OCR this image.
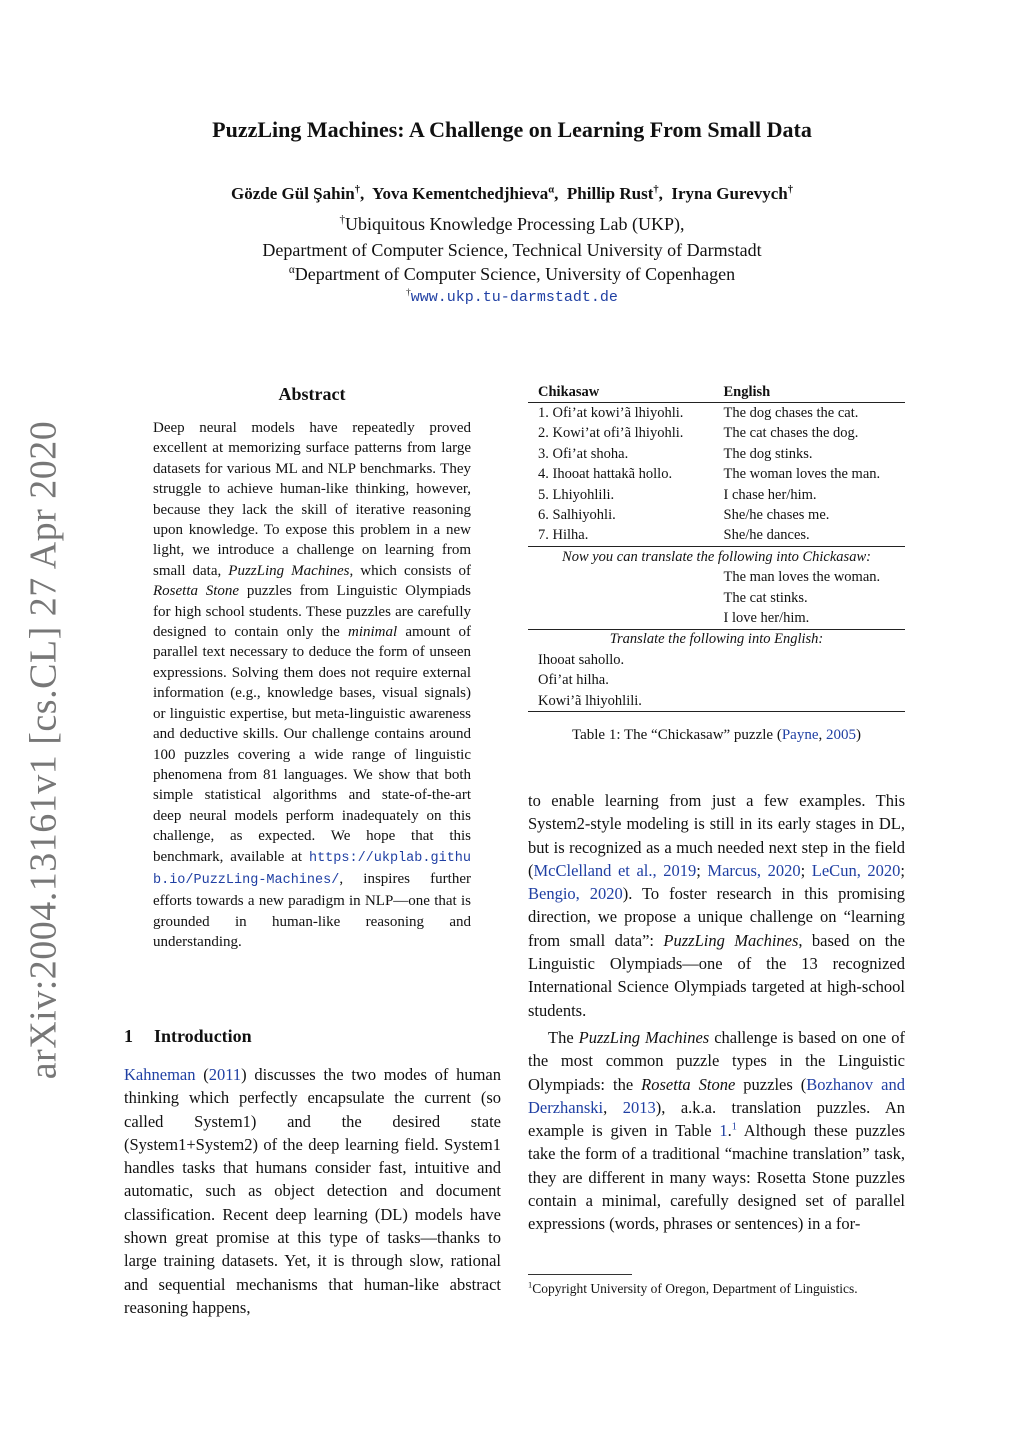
arXiv:2004.13161v1 [cs.CL] 27 Apr 2020
PuzzLing Machines: A Challenge on Learning From Small Data
Gözde Gül Şahin†,  Yova Kementchedjhieva$^\alpha$,  Phillip Rust†,  Iryna Gurevych†
†Ubiquitous Knowledge Processing Lab (UKP),
Department of Computer Science, Technical University of Darmstadt
$^\alpha$Department of Computer Science, University of Copenhagen
†www.ukp.tu-darmstadt.de
Abstract
Deep neural models have repeatedly proved excellent at memorizing surface patterns from large datasets for various ML and NLP benchmarks. They struggle to achieve human-like thinking, however, because they lack the skill of iterative reasoning upon knowledge. To expose this problem in a new light, we introduce a challenge on learning from small data, PuzzLing Machines, which consists of Rosetta Stone puzzles from Linguistic Olympiads for high school students. These puzzles are carefully designed to contain only the minimal amount of parallel text necessary to deduce the form of unseen expressions. Solving them does not require external information (e.g., knowledge bases, visual signals) or linguistic expertise, but meta-linguistic awareness and deductive skills. Our challenge contains around 100 puzzles covering a wide range of linguistic phenomena from 81 languages. We show that both simple statistical algorithms and state-of-the-art deep neural models perform inadequately on this challenge, as expected. We hope that this benchmark, available at https://ukplab.github.io/PuzzLing-Machines/, inspires further efforts towards a new paradigm in NLP—one that is grounded in human-like reasoning and understanding.
1 Introduction
Kahneman (2011) discusses the two modes of human thinking which perfectly encapsulate the current (so called System1) and the desired state (System1+System2) of the deep learning field. System1 handles tasks that humans consider fast, intuitive and automatic, such as object detection and document classification. Recent deep learning (DL) models have shown great promise at this type of tasks—thanks to large training datasets. Yet, it is through slow, rational and sequential mechanisms that human-like abstract reasoning happens,
Chikasaw	English
1. Ofi’at kowi’ã lhiyohli.	The dog chases the cat.
2. Kowi’at ofi’ã lhiyohli.	The cat chases the dog.
3. Ofi’at shoha.	The dog stinks.
4. Ihooat hattakã hollo.	The woman loves the man.
5. Lhiyohlili.	I chase her/him.
6. Salhiyohli.	She/he chases me.
7. Hilha.	She/he dances.
Now you can translate the following into Chickasaw:	
	The man loves the woman.
	The cat stinks.
	I love her/him.
Translate the following into English:	
Ihooat sahollo.	
Ofi’at hilha.	
Kowi’ã lhiyohlili.	
Table 1: The “Chickasaw” puzzle (Payne, 2005)

to enable learning from just a few examples. This System2-style modeling is still in its early stages in DL, but is recognized as a much needed next step in the field (McClelland et al., 2019; Marcus, 2020; LeCun, 2020; Bengio, 2020). To foster research in this promising direction, we propose a unique challenge on “learning from small data”: PuzzLing Machines, based on the Linguistic Olympiads—one of the 13 recognized International Science Olympiads targeted at high-school students.

The PuzzLing Machines challenge is based on one of the most common puzzle types in the Linguistic Olympiads: the Rosetta Stone puzzles (Bozhanov and Derzhanski, 2013), a.k.a. translation puzzles. An example is given in Table 1.$^1$ Although these puzzles take the form of a traditional “machine translation” task, they are different in many ways: Rosetta Stone puzzles contain a minimal, carefully designed set of parallel expressions (words, phrases or sentences) in a for-

$^1$Copyright University of Oregon, Department of Linguistics.
